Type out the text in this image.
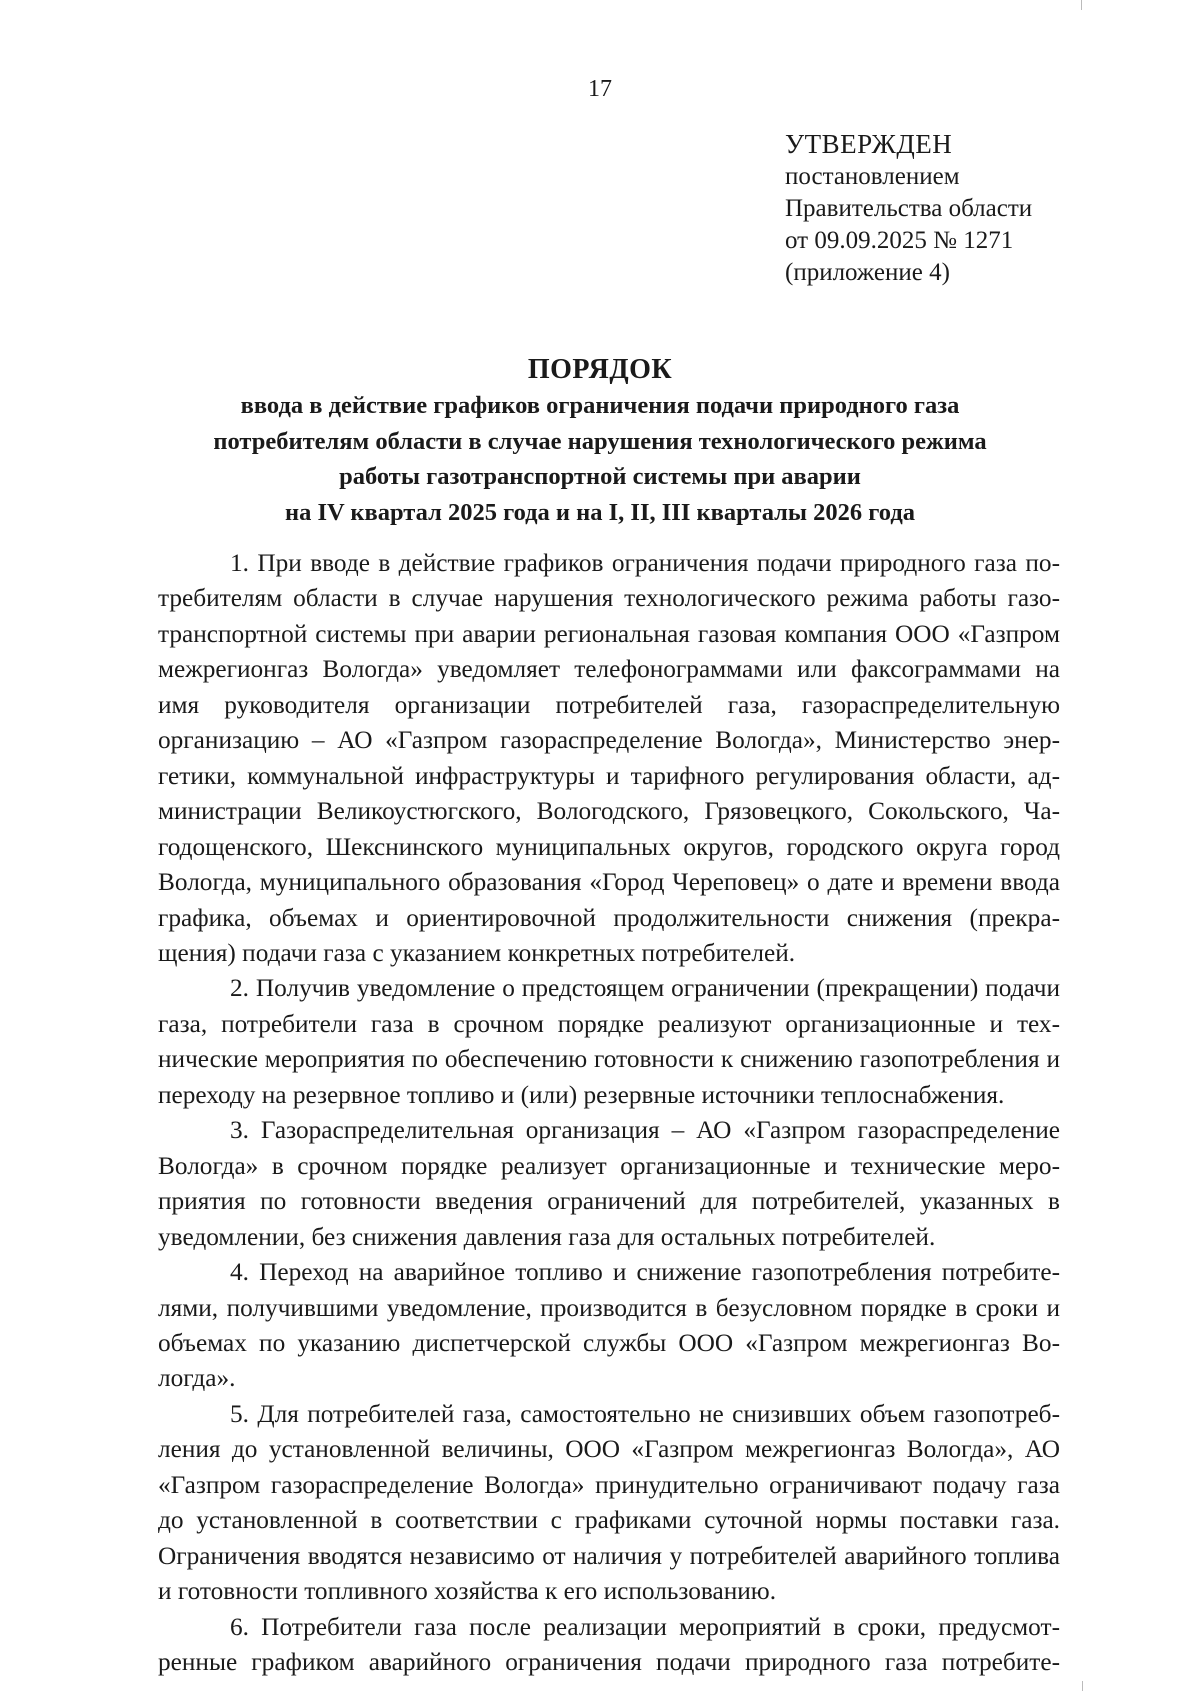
17
УТВЕРЖДЕН
постановлением
Правительства области
от 09.09.2025 № 1271
(приложение 4)
ПОРЯДОК
ввода в действие графиков ограничения подачи природного газа
потребителям области в случае нарушения технологического режима
работы газотранспортной системы при аварии
на IV квартал 2025 года и на I, II, III кварталы 2026 года

1. При вводе в действие графиков ограничения подачи природного газа потребителям области в случае нарушения технологического режима работы газотранспортной системы при аварии региональная газовая компания ООО «Газпром межрегионгаз Вологда» уведомляет телефонограммами или факсограммами на имя руководителя организации потребителей газа, газораспределительную организацию – АО «Газпром газораспределение Вологда», Министерство энергетики, коммунальной инфраструктуры и тарифного регулирования области, администрации Великоустюгского, Вологодского, Грязовецкого, Сокольского, Чагодощенского, Шекснинского муниципальных округов, городского округа город Вологда, муниципального образования «Город Череповец» о дате и времени ввода графика, объемах и ориентировочной продолжительности снижения (прекращения) подачи газа с указанием конкретных потребителей.

2. Получив уведомление о предстоящем ограничении (прекращении) подачи газа, потребители газа в срочном порядке реализуют организационные и технические мероприятия по обеспечению готовности к снижению газопотребления и переходу на резервное топливо и (или) резервные источники теплоснабжения.

3. Газораспределительная организация – АО «Газпром газораспределение Вологда» в срочном порядке реализует организационные и технические мероприятия по готовности введения ограничений для потребителей, указанных в уведомлении, без снижения давления газа для остальных потребителей.

4. Переход на аварийное топливо и снижение газопотребления потребителями, получившими уведомление, производится в безусловном порядке в сроки и объемах по указанию диспетчерской службы ООО «Газпром межрегионгаз Вологда».

5. Для потребителей газа, самостоятельно не снизивших объем газопотребления до установленной величины, ООО «Газпром межрегионгаз Вологда», АО «Газпром газораспределение Вологда» принудительно ограничивают подачу газа до установленной в соответствии с графиками суточной нормы поставки газа. Ограничения вводятся независимо от наличия у потребителей аварийного топлива и готовности топливного хозяйства к его использованию.

6. Потребители газа после реализации мероприятий в сроки, предусмотренные графиком аварийного ограничения подачи природного газа потребите-
